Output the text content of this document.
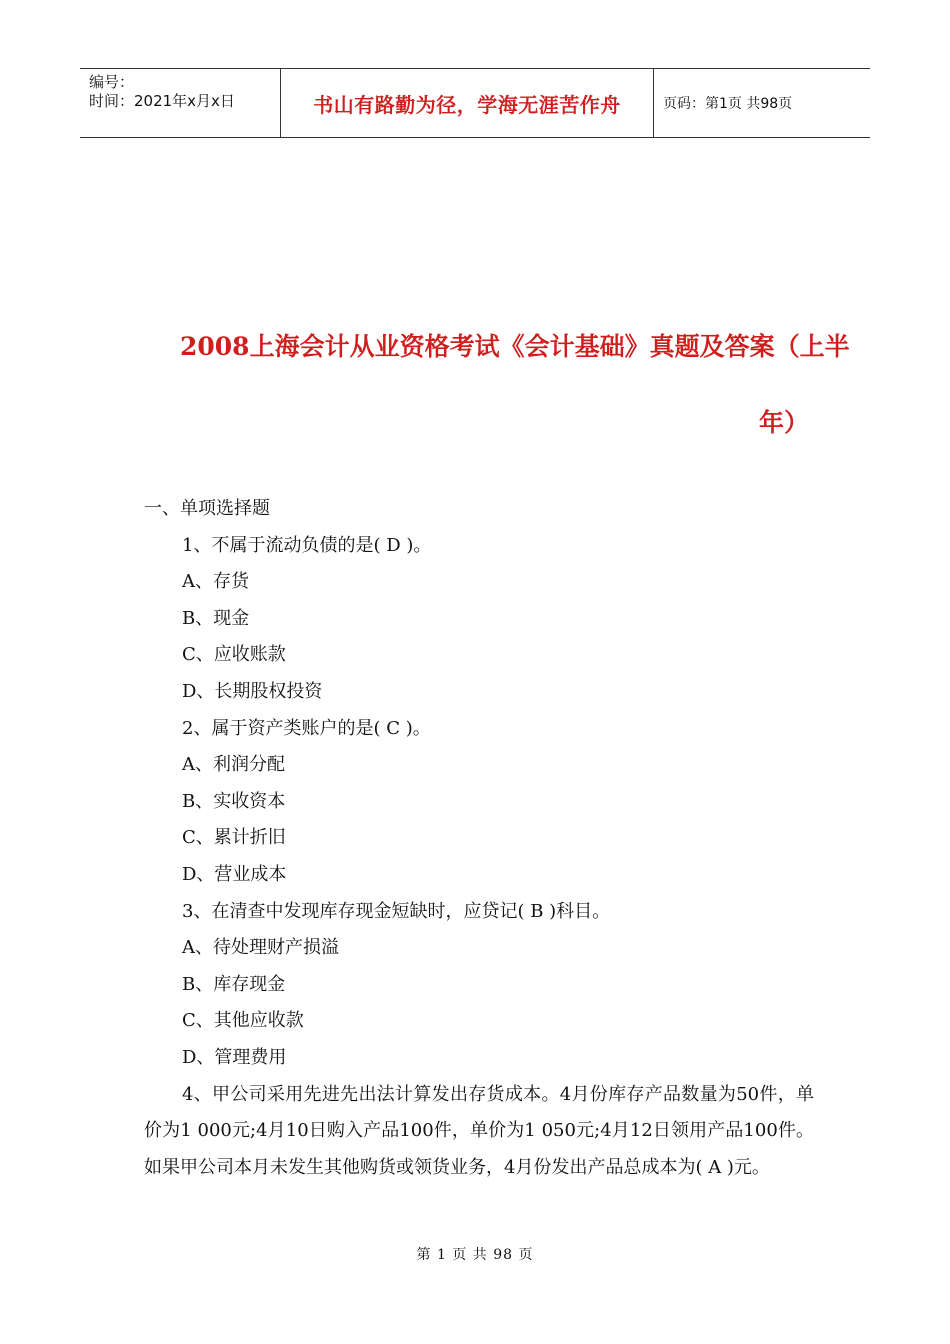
编号：
时间：2021年x月x日	书山有路勤为径，学海无涯苦作舟	页码：第1页 共98页
2008上海会计从业资格考试《会计基础》真题及答案（上半
年）
一、单项选择题
1、不属于流动负债的是( D )。
A、存货
B、现金
C、应收账款
D、长期股权投资
2、属于资产类账户的是( C )。
A、利润分配
B、实收资本
C、累计折旧
D、营业成本
3、在清查中发现库存现金短缺时，应贷记( B )科目。
A、待处理财产损溢
B、库存现金
C、其他应收款
D、管理费用

4、甲公司采用先进先出法计算发出存货成本。4月份库存产品数量为50件，单价为1 000元;4月10日购入产品100件，单价为1 050元;4月12日领用产品100件。如果甲公司本月未发生其他购货或领货业务，4月份发出产品总成本为( A )元。

第 1 页 共 98 页
